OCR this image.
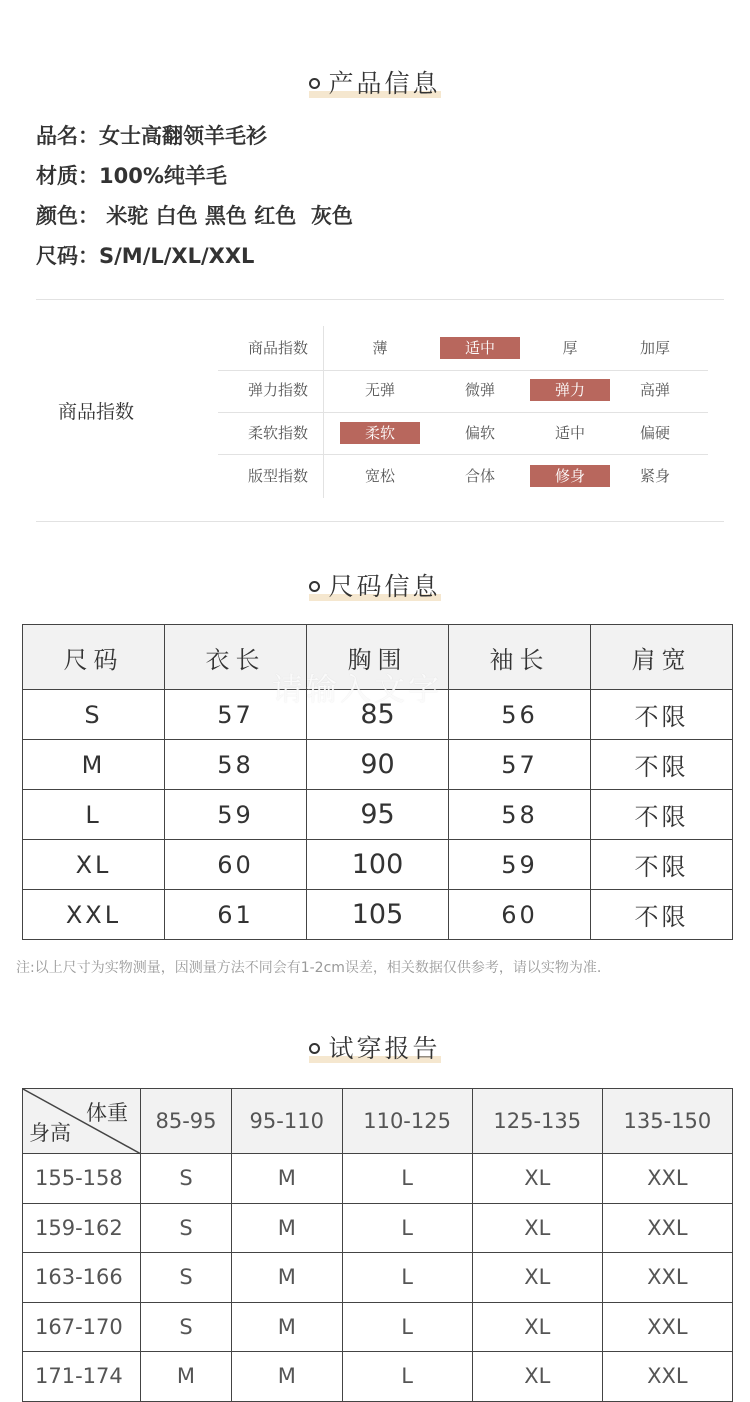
产品信息
品名： 女士高翻领羊毛衫
材质： 100%纯羊毛
颜色： 米驼 白色 黑色 红色  灰色
尺码： S/M/L/XL/XXL
商品指数
商品指数	薄	适中	厚	加厚
弹力指数	无弹	微弹	弹力	高弹
柔软指数	柔软	偏软	适中	偏硬
版型指数	宽松	合体	修身	紧身
尺码信息
尺码	衣长	胸围	袖长	肩宽
S	57	85	56	不限
M	58	90	57	不限
L	59	95	58	不限
XL	60	100	59	不限
XXL	61	105	60	不限
请输入文字
注:以上尺寸为实物测量，因测量方法不同会有1-2cm误差，相关数据仅供参考，请以实物为准.
试穿报告
体重
身高	85-95	95-110	110-125	125-135	135-150
155-158	S	M	L	XL	XXL
159-162	S	M	L	XL	XXL
163-166	S	M	L	XL	XXL
167-170	S	M	L	XL	XXL
171-174	M	M	L	XL	XXL
